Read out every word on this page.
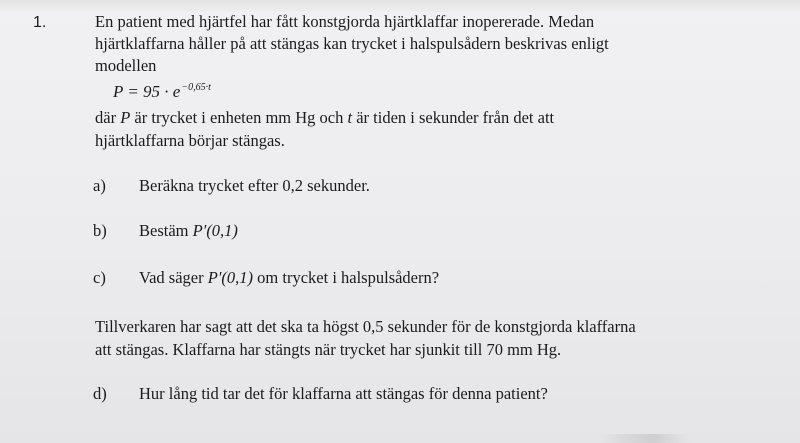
1.	En patient med hjärtfel har fått konstgjorda hjärtklaffar inopererade. Medan
hjärtklaffarna håller på att stängas kan trycket i halspulsådern beskrivas enligt
modellen
$P = 95 \cdot e^{-0,65\cdot t}$
där P är trycket i enheten mm Hg och t är tiden i sekunder från det att
hjärtklaffarna börjar stängas.
a) Beräkna trycket efter 0,2 sekunder.
b) Bestäm P′(0,1)
c) Vad säger P′(0,1) om trycket i halspulsådern?
Tillverkaren har sagt att det ska ta högst 0,5 sekunder för de konstgjorda klaffarna
att stängas. Klaffarna har stängts när trycket har sjunkit till 70 mm Hg.
d) Hur lång tid tar det för klaffarna att stängas för denna patient?
